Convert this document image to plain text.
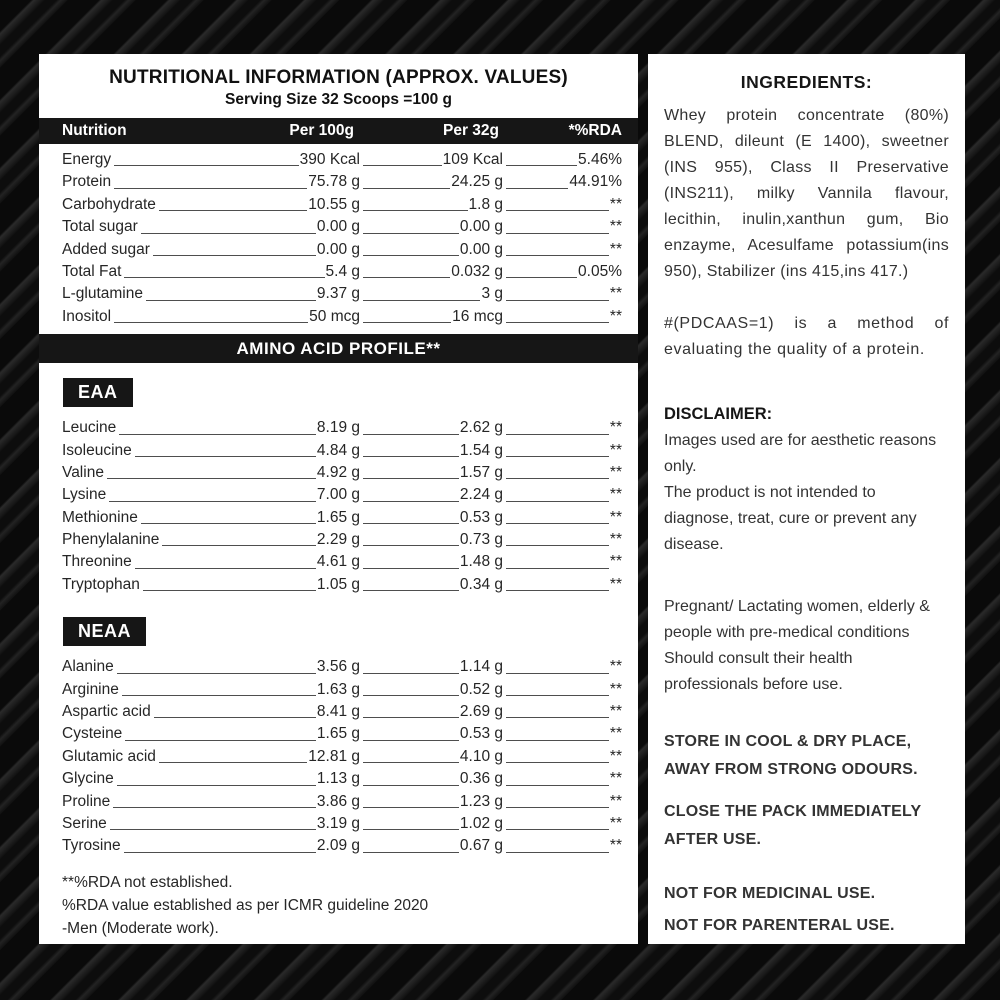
NUTRITIONAL INFORMATION (APPROX. VALUES)
Serving Size 32 Scoops =100 g
Nutrition	Per 100g	Per 32g	*%RDA
Energy	390 Kcal	109 Kcal	5.46%
Protein	75.78 g	24.25 g	44.91%
Carbohydrate	10.55 g	1.8 g	**
Total sugar	0.00 g	0.00 g	**
Added sugar	0.00 g	0.00 g	**
Total Fat	5.4 g	0.032 g	0.05%
L-glutamine	9.37 g	3 g	**
Inositol	50 mcg	16 mcg	**
AMINO ACID PROFILE**
EAA
Leucine	8.19 g	2.62 g	**
Isoleucine	4.84 g	1.54 g	**
Valine	4.92 g	1.57 g	**
Lysine	7.00 g	2.24 g	**
Methionine	1.65 g	0.53 g	**
Phenylalanine	2.29 g	0.73 g	**
Threonine	4.61 g	1.48 g	**
Tryptophan	1.05 g	0.34 g	**
NEAA
Alanine	3.56 g	1.14 g	**
Arginine	1.63 g	0.52 g	**
Aspartic acid	8.41 g	2.69 g	**
Cysteine	1.65 g	0.53 g	**
Glutamic acid	12.81 g	4.10 g	**
Glycine	1.13 g	0.36 g	**
Proline	3.86 g	1.23 g	**
Serine	3.19 g	1.02 g	**
Tyrosine	2.09 g	0.67 g	**
**%RDA not established.
%RDA value established as per ICMR guideline 2020
-Men (Moderate work).
INGREDIENTS:

Whey protein concentrate (80%) BLEND, dileunt (E 1400), sweetner (INS 955), Class II Preservative (INS211), milky Vannila flavour, lecithin, inulin,xanthun gum, Bio enzayme, Acesulfame potassium(ins 950), Stabilizer (ins 415,ins 417.)

#(PDCAAS=1) is a method of evaluating the quality of a protein.

DISCLAIMER:

Images used are for aesthetic reasons only.

The product is not intended to diagnose, treat, cure or prevent any disease.

Pregnant/ Lactating women, elderly & people with pre-medical conditions Should consult their health professionals before use.

STORE IN COOL & DRY PLACE, AWAY FROM STRONG ODOURS.

CLOSE THE PACK IMMEDIATELY AFTER USE.

NOT FOR MEDICINAL USE.

NOT FOR PARENTERAL USE.
